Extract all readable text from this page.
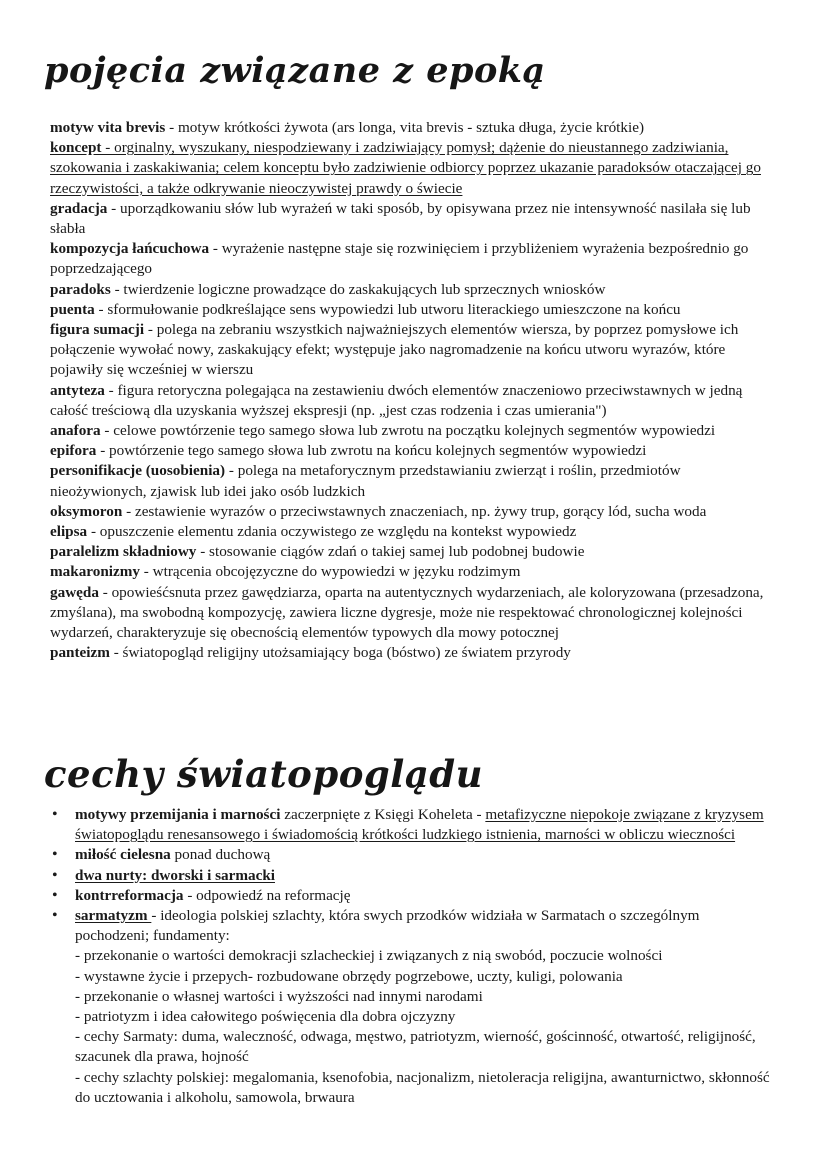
pojęcia związane z epoką

motyw vita brevis - motyw krótkości żywota (ars longa, vita brevis - sztuka długa, życie krótkie)

koncept - orginalny, wyszukany, niespodziewany i zadziwiający pomysł; dążenie do nieustannego zadziwiania, szokowania i zaskakiwania; celem konceptu było zadziwienie odbiorcy poprzez ukazanie paradoksów otaczającej go rzeczywistości, a także odkrywanie nieoczywistej prawdy o świecie

gradacja - uporządkowaniu słów lub wyrażeń w taki sposób, by opisywana przez nie intensywność nasilała się lub słabła

kompozycja łańcuchowa - wyrażenie następne staje się rozwinięciem i przybliżeniem wyrażenia bezpośrednio go poprzedzającego

paradoks - twierdzenie logiczne prowadzące do zaskakujących lub sprzecznych wniosków

puenta - sformułowanie podkreślające sens wypowiedzi lub utworu literackiego umieszczone na końcu

figura sumacji - polega na zebraniu wszystkich najważniejszych elementów wiersza, by poprzez pomysłowe ich połączenie wywołać nowy, zaskakujący efekt; występuje jako nagromadzenie na końcu utworu wyrazów, które pojawiły się wcześniej w wierszu

antyteza - figura retoryczna polegająca na zestawieniu dwóch elementów znaczeniowo przeciwstawnych w jedną całość treściową dla uzyskania wyższej ekspresji (np. „jest czas rodzenia i czas umierania")

anafora - celowe powtórzenie tego samego słowa lub zwrotu na początku kolejnych segmentów wypowiedzi

epifora - powtórzenie tego samego słowa lub zwrotu na końcu kolejnych segmentów wypowiedzi

personifikacje (uosobienia) - polega na metaforycznym przedstawianiu zwierząt i roślin, przedmiotów nieożywionych, zjawisk lub idei jako osób ludzkich

oksymoron - zestawienie wyrazów o przeciwstawnych znaczeniach, np. żywy trup, gorący lód, sucha woda

elipsa - opuszczenie elementu zdania oczywistego ze względu na kontekst wypowiedz

paralelizm składniowy - stosowanie ciągów zdań o takiej samej lub podobnej budowie

makaronizmy - wtrącenia obcojęzyczne do wypowiedzi w języku rodzimym

gawęda - opowieśćsnuta przez gawędziarza, oparta na autentycznych wydarzeniach, ale koloryzowana (przesadzona, zmyślana), ma swobodną kompozycję, zawiera liczne dygresje, może nie respektować chronologicznej kolejności wydarzeń, charakteryzuje się obecnością elementów typowych dla mowy potocznej

panteizm - światopogląd religijny utożsamiający boga (bóstwo) ze światem przyrody

cechy światopoglądu
• motywy przemijania i marności zaczerpnięte z Księgi Koheleta - metafizyczne niepokoje związane z kryzysem światopoglądu renesansowego i świadomością krótkości ludzkiego istnienia, marności w obliczu wieczności
• miłość cielesna ponad duchową
• dwa nurty: dworski i sarmacki
• kontrreformacja - odpowiedź na reformację
• sarmatyzm - ideologia polskiej szlachty, która swych przodków widziała w Sarmatach o szczególnym pochodzeni; fundamenty:

- przekonanie o wartości demokracji szlacheckiej i związanych z nią swobód, poczucie wolności

- wystawne życie i przepych- rozbudowane obrzędy pogrzebowe, uczty, kuligi, polowania

- przekonanie o własnej wartości i wyższości nad innymi narodami

- patriotyzm i idea całowitego poświęcenia dla dobra ojczyzny

- cechy Sarmaty: duma, waleczność, odwaga, męstwo, patriotyzm, wierność, gościnność, otwartość, religijność, szacunek dla prawa, hojność

- cechy szlachty polskiej: megalomania, ksenofobia, nacjonalizm, nietoleracja religijna, awanturnictwo, skłonność do ucztowania i alkoholu, samowola, brwaura
